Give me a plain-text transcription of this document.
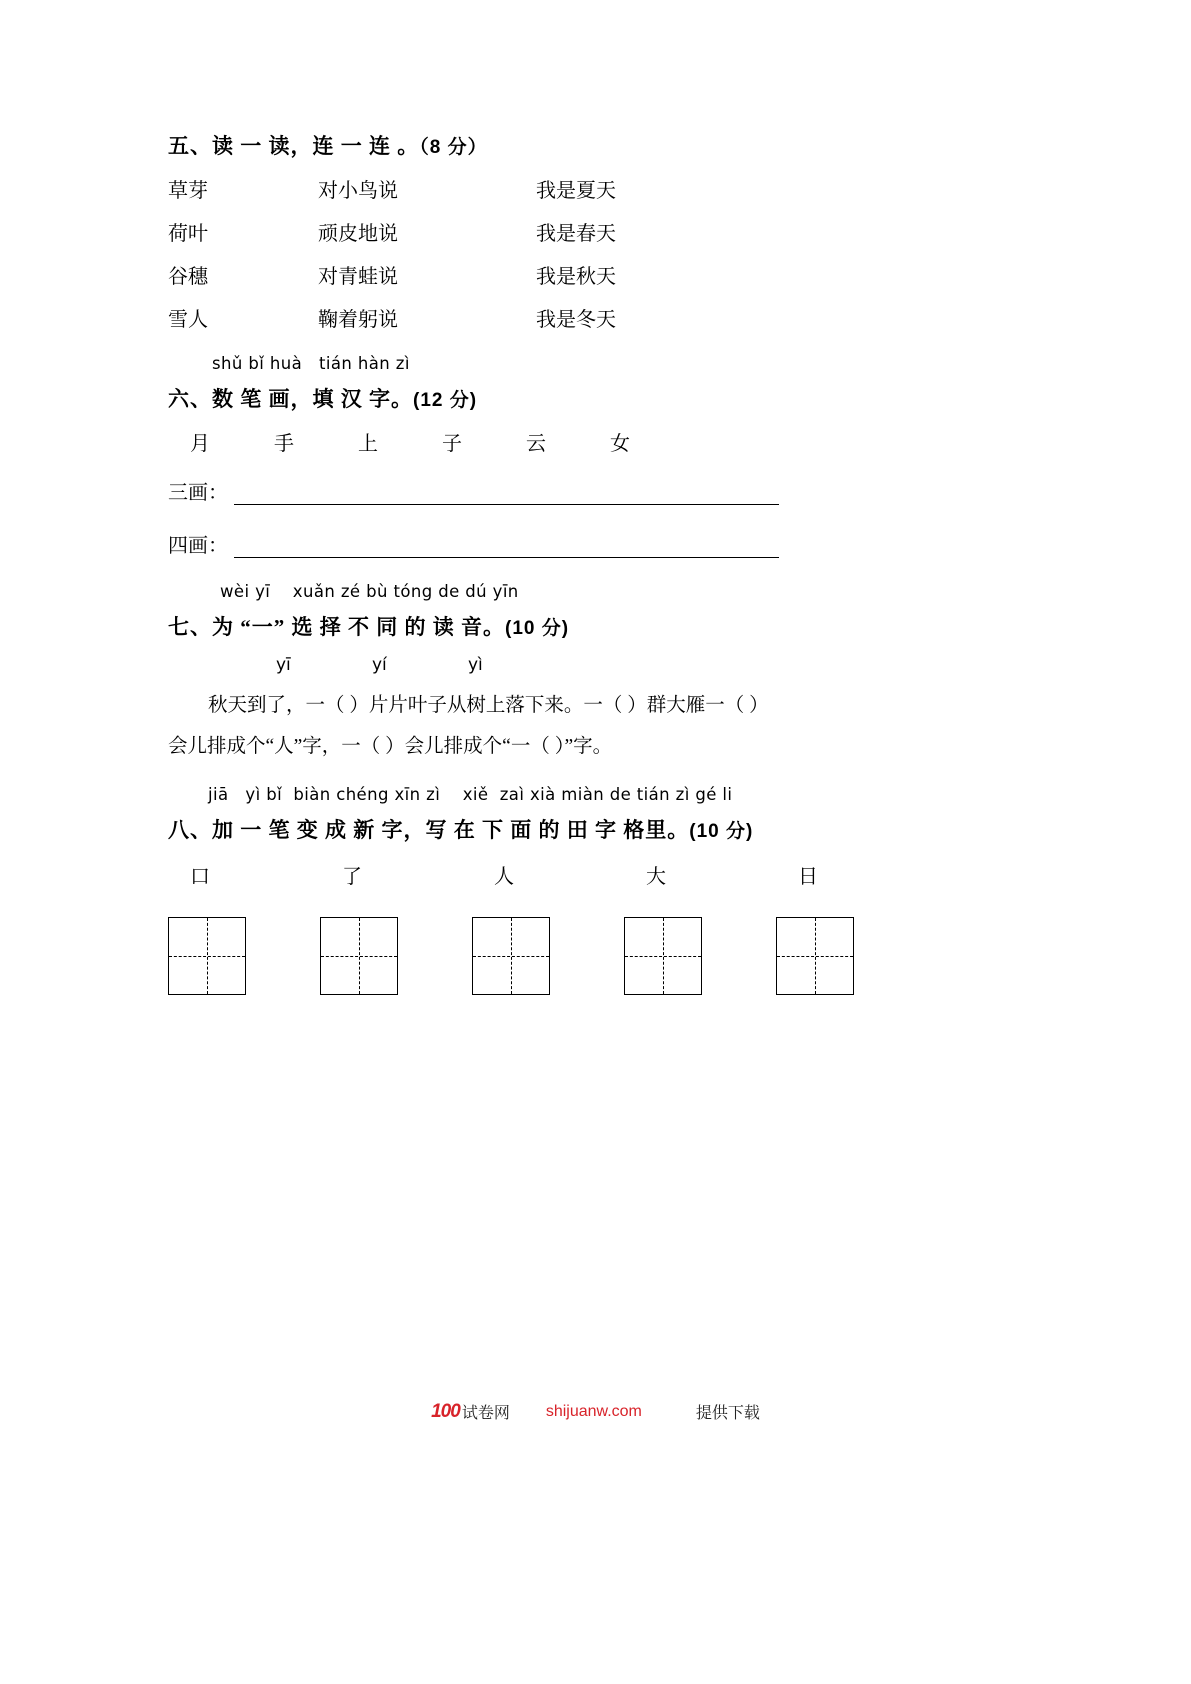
五、读 一 读，连 一 连 。（8 分）
草芽	对小鸟说	我是夏天
荷叶	顽皮地说	我是春天
谷穗	对青蛙说	我是秋天
雪人	鞠着躬说	我是冬天
shǔ bǐ huà   tián hàn zì
六、数 笔 画，填 汉 字。(12 分)
月	手	上	子	云	女
三画：
四画：
wèi yī    xuǎn zé bù tóng de dú yīn
七、为 “一” 选 择 不 同 的 读 音。(10 分)
yī	yí	yì

秋天到了，一（ ）片片叶子从树上落下来。一（ ）群大雁一（ ）
会儿排成个“人”字，一（ ）会儿排成个“一（ ）”字。

jiā   yì bǐ  biàn chéng xīn zì    xiě  zaì xià miàn de tián zì gé li
八、加 一 笔 变 成 新 字，写 在 下 面 的 田 字 格里。(10 分)
口	了	人	大	日
100 试卷网 shijuanw.com	提供下载
